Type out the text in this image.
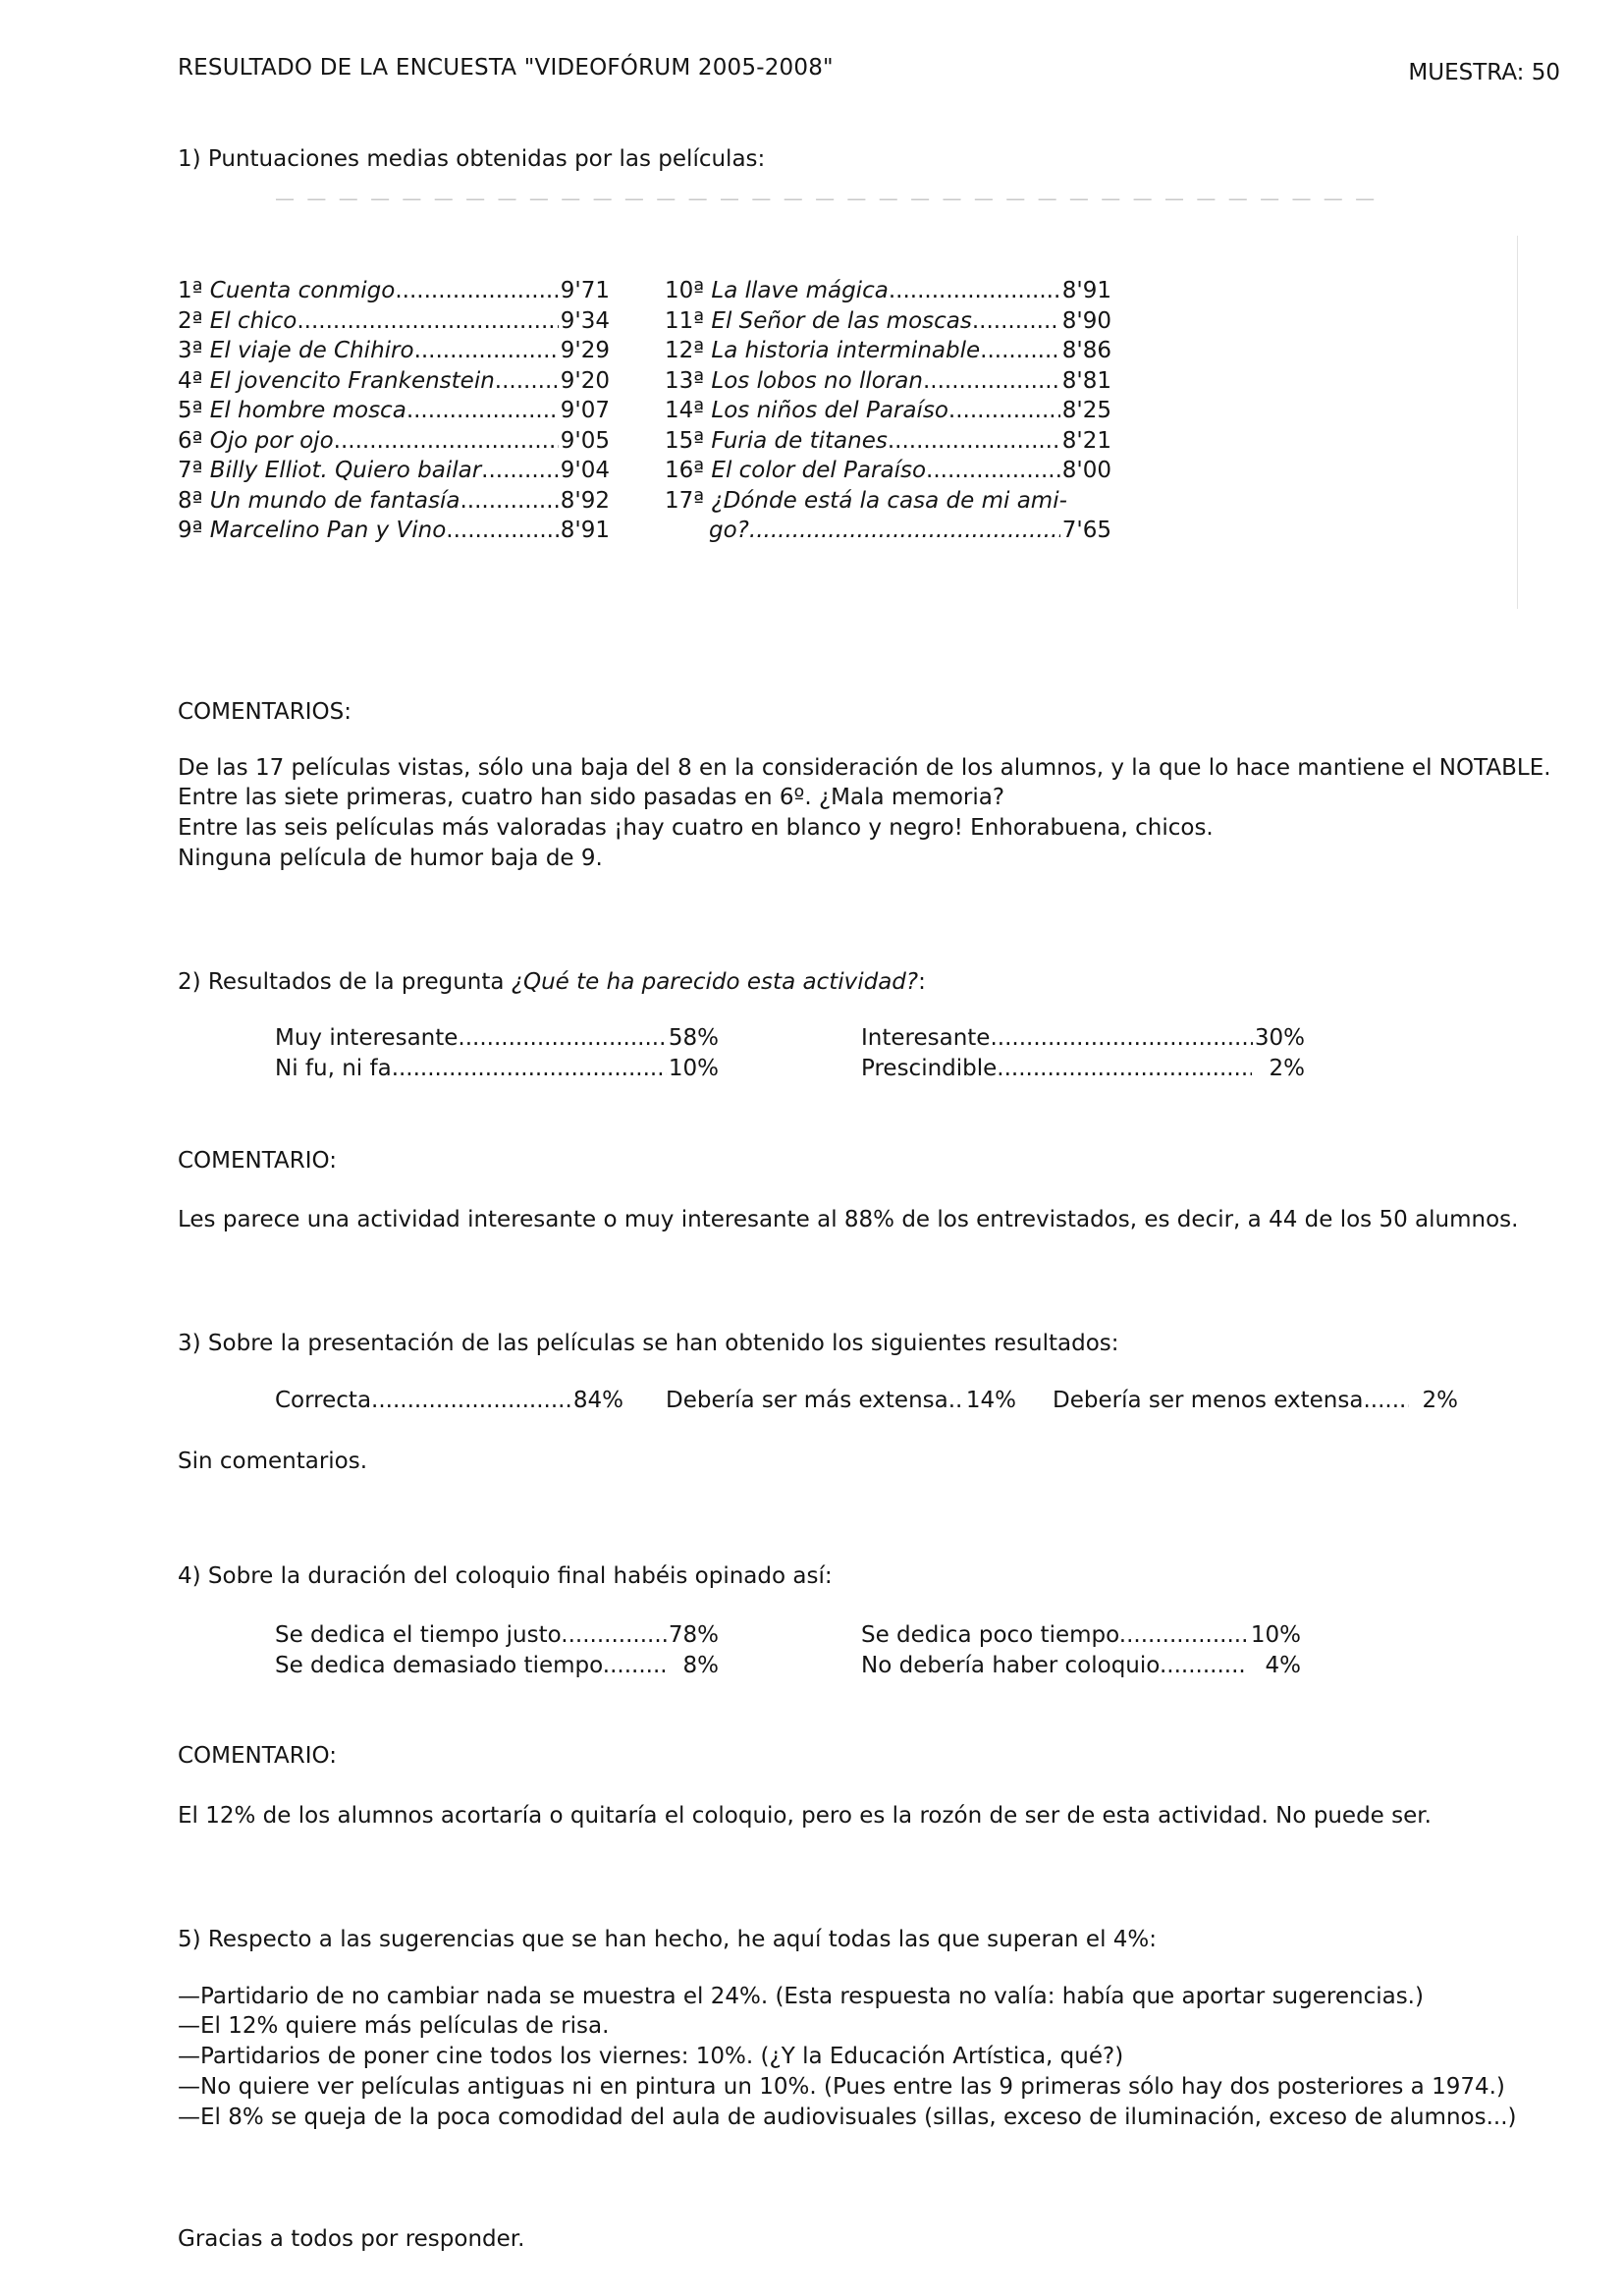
RESULTADO DE LA ENCUESTA "VIDEOFÓRUM 2005-2008"	MUESTRA: 50
— — — — — — — — — — — — — — — — — — — — — — — — — — — — — — — — — — —
1) Puntuaciones medias obtenidas por las películas:
1ª Cuenta conmigo .....	9'71
2ª El chico .....	9'34
3ª El viaje de Chihiro .....	9'29
4ª El jovencito Frankenstein .....	9'20
5ª El hombre mosca .....	9'07
6ª Ojo por ojo .....	9'05
7ª Billy Elliot. Quiero bailar .....	9'04
8ª Un mundo de fantasía .....	8'92
9ª Marcelino Pan y Vino .....	8'91
10ª La llave mágica .....	8'91
11ª El Señor de las moscas .....	8'90
12ª La historia interminable .....	8'86
13ª Los lobos no lloran .....	8'81
14ª Los niños del Paraíso .....	8'25
15ª Furia de titanes .....	8'21
16ª El color del Paraíso .....	8'00
17ª ¿Dónde está la casa de mi ami-
go? .....	7'65
COMENTARIOS:
De las 17 películas vistas, sólo una baja del 8 en la consideración de los alumnos, y la que lo hace mantiene el NOTABLE.
Entre las siete primeras, cuatro han sido pasadas en 6º. ¿Mala memoria?
Entre las seis películas más valoradas ¡hay cuatro en blanco y negro! Enhorabuena, chicos.
Ninguna película de humor baja de 9.
2) Resultados de la pregunta ¿Qué te ha parecido esta actividad?:
Muy interesante .....	58%
Ni fu, ni fa .....	10%
Interesante .....	30%
Prescindible .....	2%
COMENTARIO:
Les parece una actividad interesante o muy interesante al 88% de los entrevistados, es decir, a 44 de los 50 alumnos.
3) Sobre la presentación de las películas se han obtenido los siguientes resultados:
Correcta .....	84% Debería ser más extensa ..... 14% Debería ser menos extensa .....	2%
Sin comentarios.
4) Sobre la duración del coloquio final habéis opinado así:
Se dedica el tiempo justo .....	78%
Se dedica demasiado tiempo .....	8%
Se dedica poco tiempo .....	10%
No debería haber coloquio .....	4%
COMENTARIO:
El 12% de los alumnos acortaría o quitaría el coloquio, pero es la rozón de ser de esta actividad. No puede ser.
5) Respecto a las sugerencias que se han hecho, he aquí todas las que superan el 4%:
—Partidario de no cambiar nada se muestra el 24%. (Esta respuesta no valía: había que aportar sugerencias.)
—El 12% quiere más películas de risa.
—Partidarios de poner cine todos los viernes: 10%. (¿Y la Educación Artística, qué?)
—No quiere ver películas antiguas ni en pintura un 10%. (Pues entre las 9 primeras sólo hay dos posteriores a 1974.)
—El 8% se queja de la poca comodidad del aula de audiovisuales (sillas, exceso de iluminación, exceso de alumnos...)
Gracias a todos por responder.
